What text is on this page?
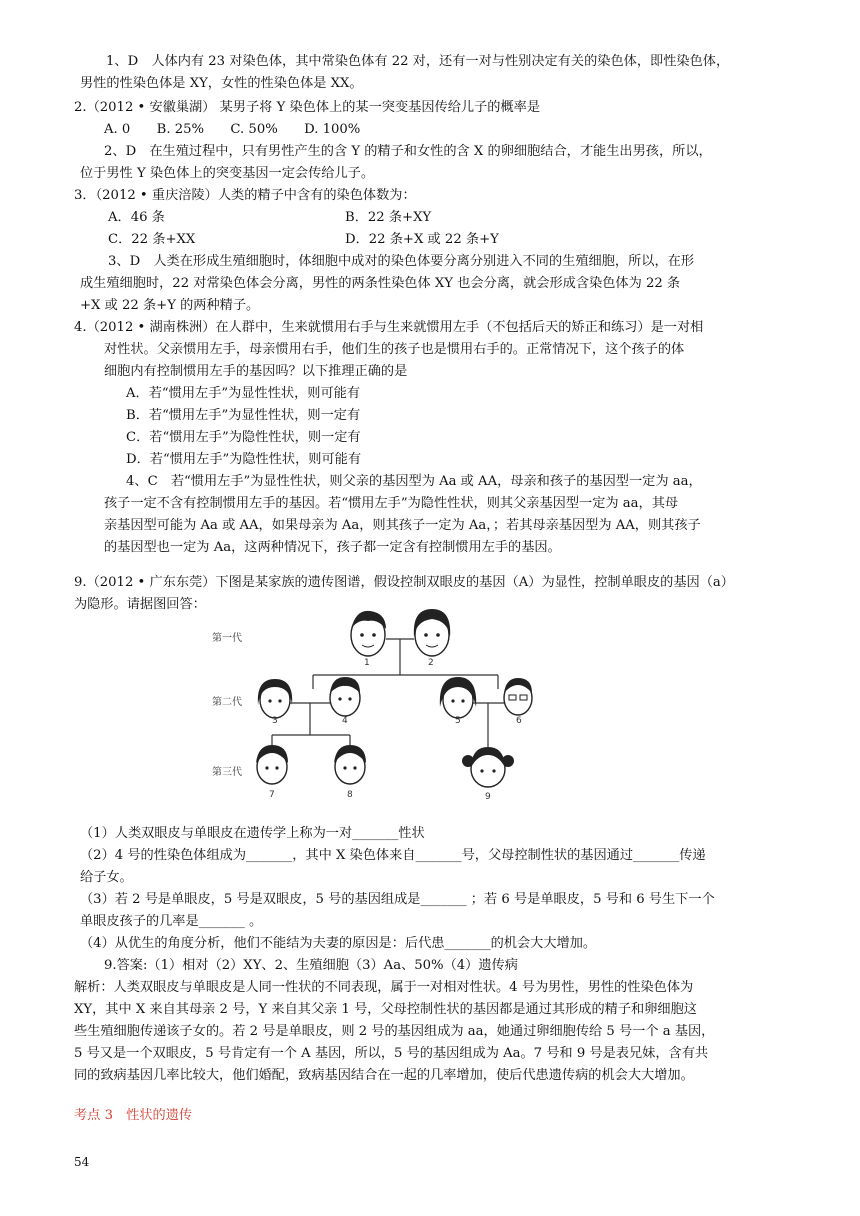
1、D　人体内有 23 对染色体，其中常染色体有 22 对，还有一对与性别决定有关的染色体，即性染色体，
男性的性染色体是 XY，女性的性染色体是 XX。
2.（2012 • 安徽巢湖） 某男子将 Y 染色体上的某一突变基因传给儿子的概率是
A. 0　　B. 25%　　C. 50%　　D. 100%
2、D　在生殖过程中，只有男性产生的含 Y 的精子和女性的含 X 的卵细胞结合，才能生出男孩，所以，
位于男性 Y 染色体上的突变基因一定会传给儿子。
3．（2012 • 重庆涪陵）人类的精子中含有的染色体数为：
A．46 条	B．22 条+XY
C．22 条+XX	D．22 条+X 或 22 条+Y
3、D　人类在形成生殖细胞时，体细胞中成对的染色体要分离分别进入不同的生殖细胞，所以，在形
成生殖细胞时，22 对常染色体会分离，男性的两条性染色体 XY 也会分离，就会形成含染色体为 22 条
+X 或 22 条+Y 的两种精子。
4.（2012 • 湖南株洲）在人群中，生来就惯用右手与生来就惯用左手（不包括后天的矫正和练习）是一对相
对性状。父亲惯用左手，母亲惯用右手，他们生的孩子也是惯用右手的。正常情况下，这个孩子的体
细胞内有控制惯用左手的基因吗？以下推理正确的是
A．若“惯用左手”为显性性状，则可能有
B．若“惯用左手”为显性性状，则一定有
C．若“惯用左手”为隐性性状，则一定有
D．若“惯用左手”为隐性性状，则可能有
4、C　若“惯用左手”为显性性状，则父亲的基因型为 Aa 或 AA，母亲和孩子的基因型一定为 aa，
孩子一定不含有控制惯用左手的基因。若“惯用左手”为隐性性状，则其父亲基因型一定为 aa，其母
亲基因型可能为 Aa 或 AA，如果母亲为 Aa，则其孩子一定为 Aa，；若其母亲基因型为 AA，则其孩子
的基因型也一定为 Aa，这两种情况下，孩子都一定含有控制惯用左手的基因。
9.（2012 • 广东东莞）下图是某家族的遗传图谱，假设控制双眼皮的基因（A）为显性，控制单眼皮的基因（a）
为隐形。请据图回答：
第一代
第二代
第三代
1	2
3	4	5	6
7	8	9
（1）人类双眼皮与单眼皮在遗传学上称为一对_______性状
（2）4 号的性染色体组成为_______，其中 X 染色体来自_______号，父母控制性状的基因通过_______传递
给子女。
（3）若 2 号是单眼皮，5 号是双眼皮，5 号的基因组成是_______ ；若 6 号是单眼皮，5 号和 6 号生下一个
单眼皮孩子的几率是_______ 。
（4）从优生的角度分析，他们不能结为夫妻的原因是：后代患_______的机会大大增加。
9.答案:（1）相对（2）XY、2、生殖细胞（3）Aa、50%（4）遗传病
解析：人类双眼皮与单眼皮是人同一性状的不同表现，属于一对相对性状。4 号为男性，男性的性染色体为
XY，其中 X 来自其母亲 2 号，Y 来自其父亲 1 号，父母控制性状的基因都是通过其形成的精子和卵细胞这
些生殖细胞传递该子女的。若 2 号是单眼皮，则 2 号的基因组成为 aa，她通过卵细胞传给 5 号一个 a 基因，
5 号又是一个双眼皮，5 号肯定有一个 A 基因，所以，5 号的基因组成为 Aa。7 号和 9 号是表兄妹，含有共
同的致病基因几率比较大，他们婚配，致病基因结合在一起的几率增加，使后代患遗传病的机会大大增加。
考点 3　性状的遗传
54
